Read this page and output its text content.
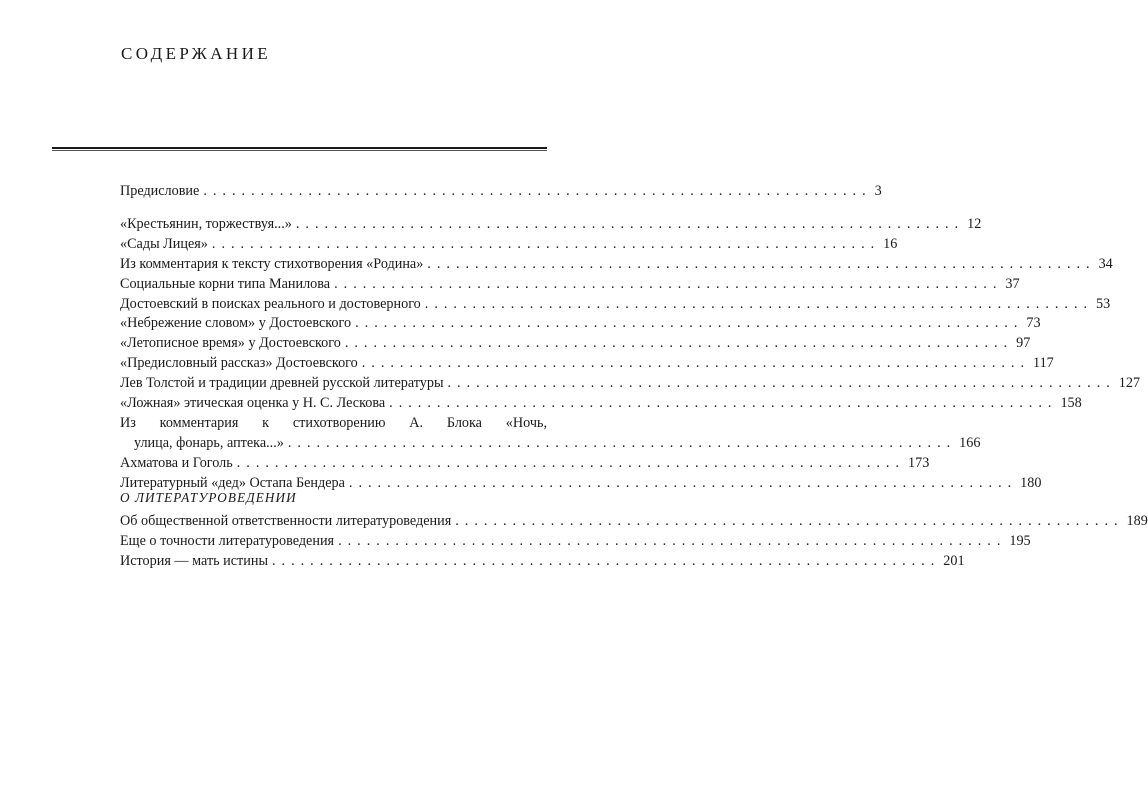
СОДЕРЖАНИЕ
Предисловие ...................................................................... 3
«Крестьянин, торжествуя...» ...................................................................... 12
«Сады Лицея» ...................................................................... 16
Из комментария к тексту стихотворения «Родина» ...................................................................... 34
Социальные корни типа Манилова ...................................................................... 37
Достоевский в поисках реального и достоверного ...................................................................... 53
«Небрежение словом» у Достоевского ...................................................................... 73
«Летописное время» у Достоевского ...................................................................... 97
«Предисловный рассказ» Достоевского ...................................................................... 117
Лев Толстой и традиции древней русской литературы ...................................................................... 127
«Ложная» этическая оценка у Н. С. Лескова ...................................................................... 158
Из комментария к стихотворению А. Блока «Ночь,
улица, фонарь, аптека...» ...................................................................... 166
Ахматова и Гоголь ...................................................................... 173
Литературный «дед» Остапа Бендера ...................................................................... 180
О ЛИТЕРАТУРОВЕДЕНИИ
Об общественной ответственности литературоведения ...................................................................... 189
Еще о точности литературоведения ...................................................................... 195
История — мать истины ...................................................................... 201
